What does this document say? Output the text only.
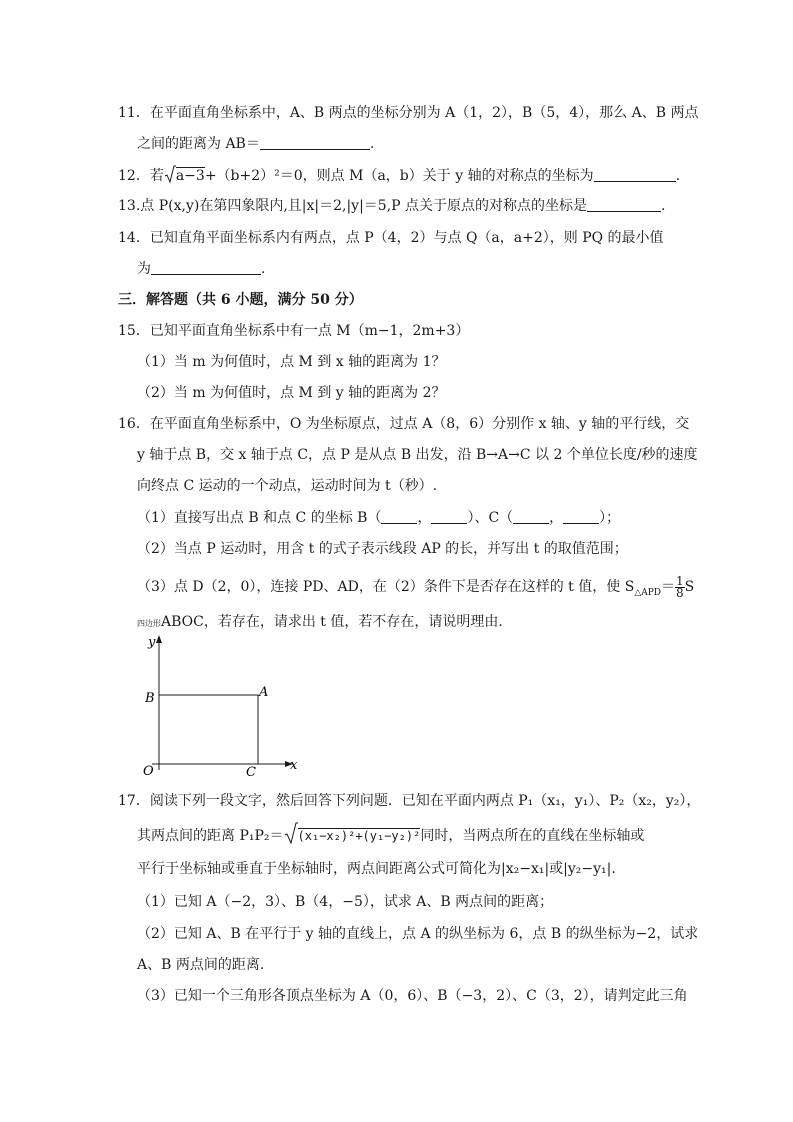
11．在平面直角坐标系中，A、B 两点的坐标分别为 A（1，2），B（5，4），那么 A、B 两点
之间的距离为 AB＝	.
12．若 a−3+（b+2）²＝0，则点 M（a，b）关于 y 轴的对称点的坐标为	.
13.点 P(x,y)在第四象限内,且|x|＝2,|y|＝5,P 点关于原点的对称点的坐标是	.
14．已知直角平面坐标系内有两点，点 P（4，2）与点 Q（a，a+2），则 PQ 的最小值
为	.
三．解答题（共 6 小题，满分 50 分）
15．已知平面直角坐标系中有一点 M（m−1，2m+3）
（1）当 m 为何值时，点 M 到 x 轴的距离为 1？
（2）当 m 为何值时，点 M 到 y 轴的距离为 2？
16．在平面直角坐标系中，O 为坐标原点，过点 A（8，6）分别作 x 轴、y 轴的平行线，交
y 轴于点 B，交 x 轴于点 C，点 P 是从点 B 出发，沿 B→A→C 以 2 个单位长度/秒的速度
向终点 C 运动的一个动点，运动时间为 t（秒）.
（1）直接写出点 B 和点 C 的坐标 B（	，	）、C（	，	）；
（2）当点 P 运动时，用含 t 的式子表示线段 AP 的长，并写出 t 的取值范围；
（3）点 D（2，0），连接 PD、AD，在（2）条件下是否存在这样的 t 值，使 $S_{\triangle APD}= \frac{1}{8}$ S
四边形ABOC，若存在，请求出 t 值，若不存在，请说明理由.
y
x
O
B	A
C
17．阅读下列一段文字，然后回答下列问题．已知在平面内两点 P₁（x₁，y₁）、P₂（x₂，y₂），
其两点间的距离 P₁P₂＝ (x₁−x₂)²+(y₁−y₂)²同时，当两点所在的直线在坐标轴或
平行于坐标轴或垂直于坐标轴时，两点间距离公式可简化为|x₂−x₁|或|y₂−y₁|.
（1）已知 A（−2，3）、B（4，−5），试求 A、B 两点间的距离；
（2）已知 A、B 在平行于 y 轴的直线上，点 A 的纵坐标为 6，点 B 的纵坐标为−2，试求
A、B 两点间的距离.
（3）已知一个三角形各顶点坐标为 A（0，6）、B（−3，2）、C（3，2），请判定此三角
